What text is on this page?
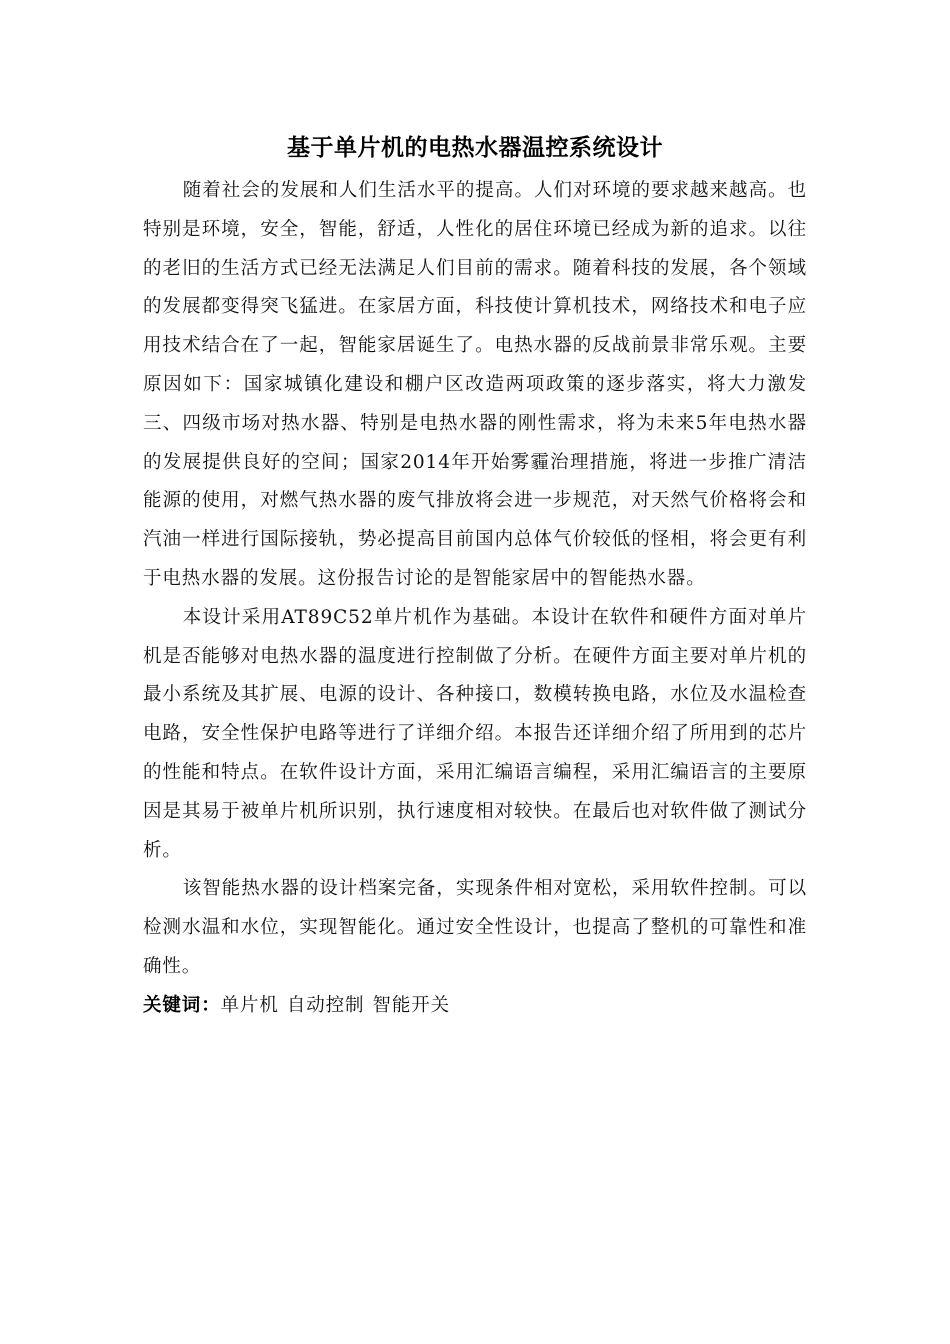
基于单片机的电热水器温控系统设计

随着社会的发展和人们生活水平的提高。人们对环境的要求越来越高。也特别是环境，安全，智能，舒适，人性化的居住环境已经成为新的追求。以往的老旧的生活方式已经无法满足人们目前的需求。随着科技的发展，各个领域的发展都变得突飞猛进。在家居方面，科技使计算机技术，网络技术和电子应用技术结合在了一起，智能家居诞生了。电热水器的反战前景非常乐观。主要原因如下：国家城镇化建设和棚户区改造两项政策的逐步落实，将大力激发三、四级市场对热水器、特别是电热水器的刚性需求，将为未来5年电热水器的发展提供良好的空间；国家2014年开始雾霾治理措施，将进一步推广清洁能源的使用，对燃气热水器的废气排放将会进一步规范，对天然气价格将会和汽油一样进行国际接轨，势必提高目前国内总体气价较低的怪相，将会更有利于电热水器的发展。这份报告讨论的是智能家居中的智能热水器。

本设计采用AT89C52单片机作为基础。本设计在软件和硬件方面对单片机是否能够对电热水器的温度进行控制做了分析。在硬件方面主要对单片机的最小系统及其扩展、电源的设计、各种接口，数模转换电路，水位及水温检查电路，安全性保护电路等进行了详细介绍。本报告还详细介绍了所用到的芯片的性能和特点。在软件设计方面，采用汇编语言编程，采用汇编语言的主要原因是其易于被单片机所识别，执行速度相对较快。在最后也对软件做了测试分析。

该智能热水器的设计档案完备，实现条件相对宽松，采用软件控制。可以检测水温和水位，实现智能化。通过安全性设计，也提高了整机的可靠性和准确性。

关键词：单片机 自动控制 智能开关
